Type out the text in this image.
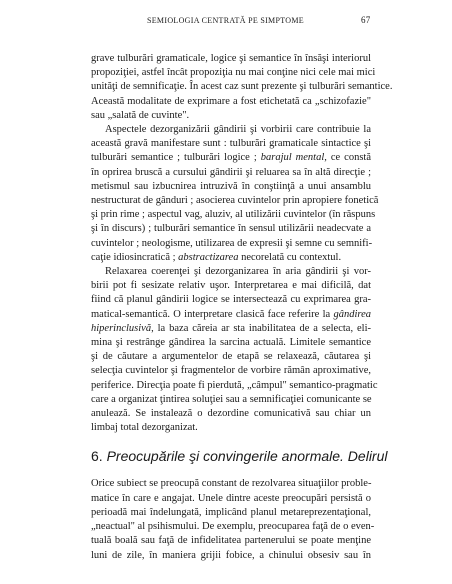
SEMIOLOGIA CENTRATĂ PE SIMPTOME	67

grave tulburări gramaticale, logice şi semantice în însăşi interiorul
propoziţiei, astfel încât propoziţia nu mai conţine nici cele mai mici
unităţi de semnificaţie. În acest caz sunt prezente şi tulburări semantice.
Această modalitate de exprimare a fost etichetată ca „schizofazie"
sau „salată de cuvinte".

Aspectele dezorganizării gândirii şi vorbirii care contribuie la
această gravă manifestare sunt : tulburări gramaticale sintactice şi
tulburări semantice ; tulburări logice ; barajul mental, ce constă
în oprirea bruscă a cursului gândirii şi reluarea sa în altă direcţie ;
metismul sau izbucnirea intruzivă în conştiinţă a unui ansamblu
nestructurat de gânduri ; asocierea cuvintelor prin apropiere fonetică
şi prin rime ; aspectul vag, aluziv, al utilizării cuvintelor (în răspuns
şi în discurs) ; tulburări semantice în sensul utilizării neadecvate a
cuvintelor ; neologisme, utilizarea de expresii şi semne cu semnifi-
caţie idiosincratică ; abstractizarea necorelată cu contextul.

Relaxarea coerenţei şi dezorganizarea în aria gândirii şi vor-
birii pot fi sesizate relativ uşor. Interpretarea e mai dificilă, dat
fiind că planul gândirii logice se intersectează cu exprimarea gra-
matical-semantică. O interpretare clasică face referire la gândirea
hiperinclusivă, la baza căreia ar sta inabilitatea de a selecta, eli-
mina şi restrânge gândirea la sarcina actuală. Limitele semantice
şi de căutare a argumentelor de etapă se relaxează, căutarea şi
selecţia cuvintelor şi fragmentelor de vorbire rămân aproximative,
periferice. Direcţia poate fi pierdută, „câmpul" semantico-pragmatic
care a organizat ţintirea soluţiei sau a semnificaţiei comunicante se
anulează. Se instalează o dezordine comunicativă sau chiar un
limbaj total dezorganizat.

6. Preocupările şi convingerile anormale. Delirul

Orice subiect se preocupă constant de rezolvarea situaţiilor proble-
matice în care e angajat. Unele dintre aceste preocupări persistă o
perioadă mai îndelungată, implicând planul metareprezentaţional,
„neactual" al psihismului. De exemplu, preocuparea faţă de o even-
tuală boală sau faţă de infidelitatea partenerului se poate menţine
luni de zile, în maniera grijii fobice, a chinului obsesiv sau în
